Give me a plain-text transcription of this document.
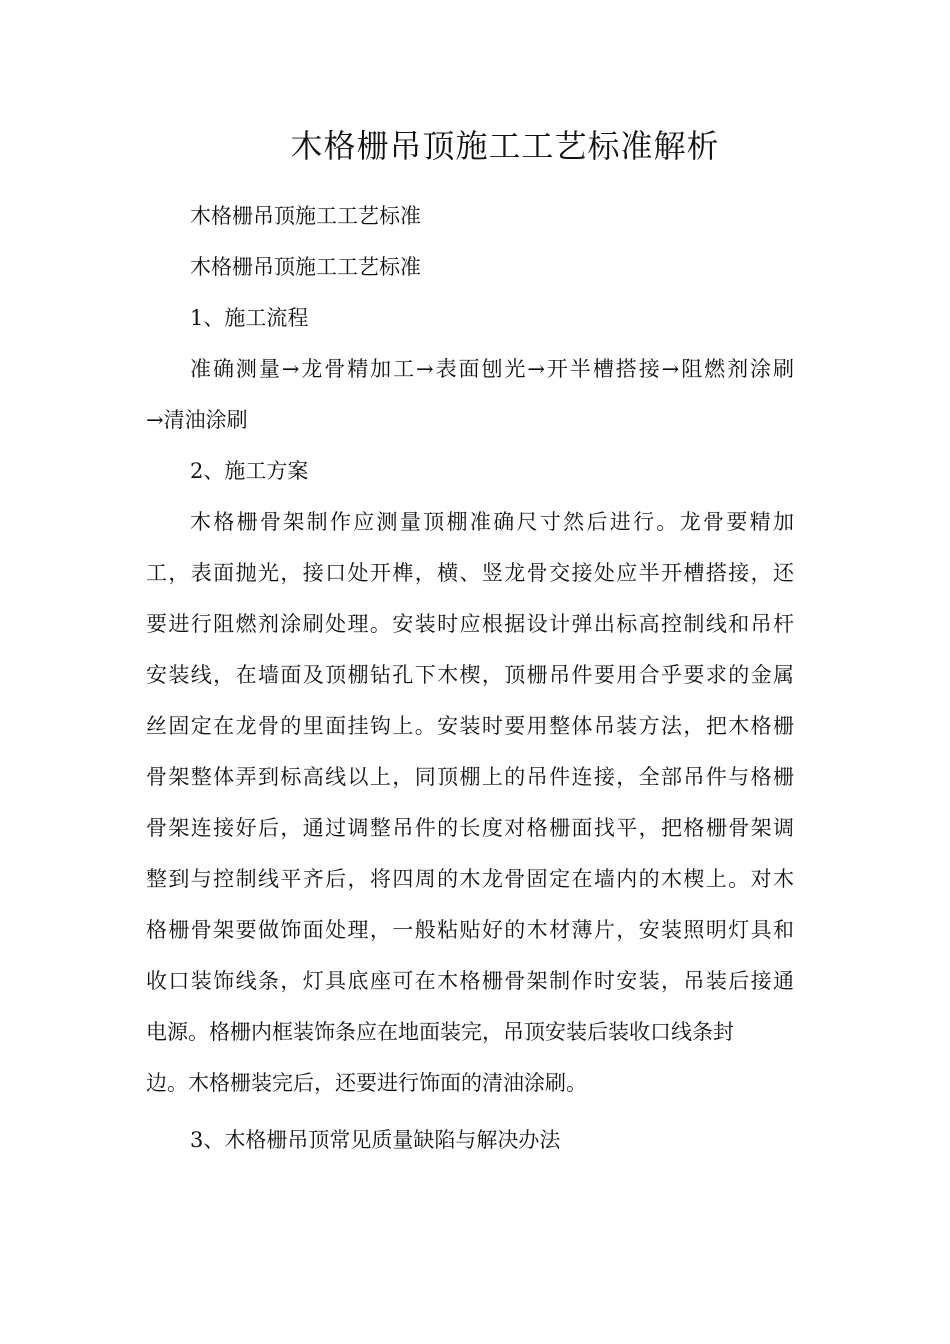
木格栅吊顶施工工艺标准解析
木格栅吊顶施工工艺标准
木格栅吊顶施工工艺标准
1、施工流程
准确测量→龙骨精加工→表面刨光→开半槽搭接→阻燃剂涂刷
→清油涂刷
2、施工方案
木格栅骨架制作应测量顶棚准确尺寸然后进行。龙骨要精加
工，表面抛光，接口处开榫，横、竖龙骨交接处应半开槽搭接，还
要进行阻燃剂涂刷处理。安装时应根据设计弹出标高控制线和吊杆
安装线，在墙面及顶棚钻孔下木楔，顶栅吊件要用合乎要求的金属
丝固定在龙骨的里面挂钩上。安装时要用整体吊装方法，把木格栅
骨架整体弄到标高线以上，同顶棚上的吊件连接，全部吊件与格栅
骨架连接好后，通过调整吊件的长度对格栅面找平，把格栅骨架调
整到与控制线平齐后，将四周的木龙骨固定在墙内的木楔上。对木
格栅骨架要做饰面处理，一般粘贴好的木材薄片，安装照明灯具和
收口装饰线条，灯具底座可在木格栅骨架制作时安装，吊装后接通
电源。格栅内框装饰条应在地面装完，吊顶安装后装收口线条封
边。木格栅装完后，还要进行饰面的清油涂刷。
3、木格栅吊顶常见质量缺陷与解决办法
